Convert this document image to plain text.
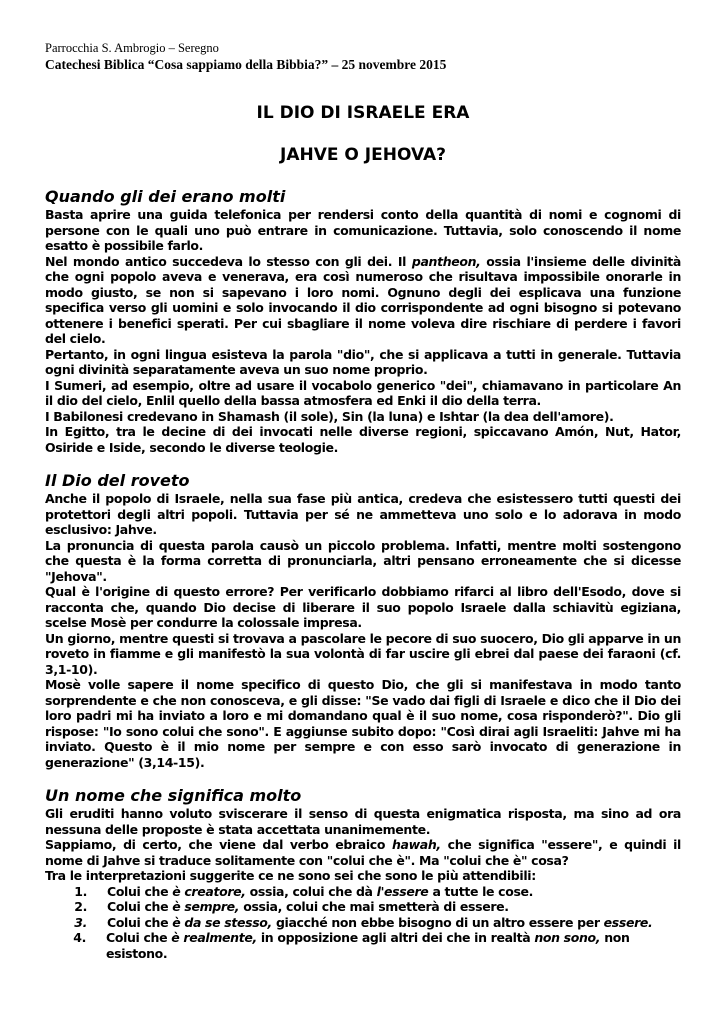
Parrocchia S. Ambrogio – Seregno
Catechesi Biblica “Cosa sappiamo della Bibbia?” – 25 novembre 2015
IL DIO DI ISRAELE ERA
JAHVE O JEHOVA?
Quando gli dei erano molti

Basta aprire una guida telefonica per rendersi conto della quantità di nomi e cognomi di persone con le quali uno può entrare in comunicazione. Tuttavia, solo conoscendo il nome esatto è possibile farlo.

Nel mondo antico succedeva lo stesso con gli dei. Il pantheon, ossia l'insieme delle divinità che ogni popolo aveva e venerava, era così numeroso che risultava impossibile onorarle in modo giusto, se non si sapevano i loro nomi. Ognuno degli dei esplicava una funzione specifica verso gli uomini e solo invocando il dio corrispondente ad ogni bisogno si potevano ottenere i benefici sperati. Per cui sbagliare il nome voleva dire rischiare di perdere i favori del cielo.

Pertanto, in ogni lingua esisteva la parola "dio", che si applicava a tutti in generale. Tuttavia ogni divinità separatamente aveva un suo nome proprio.

I Sumeri, ad esempio, oltre ad usare il vocabolo generico "dei", chiamavano in particolare An il dio del cielo, Enlil quello della bassa atmosfera ed Enki il dio della terra.

I Babilonesi credevano in Shamash (il sole), Sin (la luna) e Ishtar (la dea dell'amore).

In Egitto, tra le decine di dei invocati nelle diverse regioni, spiccavano Amón, Nut, Hator, Osiride e Iside, secondo le diverse teologie.

Il Dio del roveto

Anche il popolo di Israele, nella sua fase più antica, credeva che esistessero tutti questi dei protettori degli altri popoli. Tuttavia per sé ne ammetteva uno solo e lo adorava in modo esclusivo: Jahve.

La pronuncia di questa parola causò un piccolo problema. Infatti, mentre molti sostengono che questa è la forma corretta di pronunciarla, altri pensano erroneamente che si dicesse "Jehova".

Qual è l'origine di questo errore? Per verificarlo dobbiamo rifarci al libro dell'Esodo, dove si racconta che, quando Dio decise di liberare il suo popolo Israele dalla schiavitù egiziana, scelse Mosè per condurre la colossale impresa.

Un giorno, mentre questi si trovava a pascolare le pecore di suo suocero, Dio gli apparve in un roveto in fiamme e gli manifestò la sua volontà di far uscire gli ebrei dal paese dei faraoni (cf. 3,1-10).

Mosè volle sapere il nome specifico di questo Dio, che gli si manifestava in modo tanto sorprendente e che non conosceva, e gli disse: "Se vado dai figli di Israele e dico che il Dio dei loro padri mi ha inviato a loro e mi domandano qual è il suo nome, cosa risponderò?". Dio gli rispose: "Io sono colui che sono". E aggiunse subito dopo: "Così dirai agli Israeliti: Jahve mi ha inviato. Questo è il mio nome per sempre e con esso sarò invocato di generazione in generazione" (3,14-15).

Un nome che significa molto

Gli eruditi hanno voluto sviscerare il senso di questa enigmatica risposta, ma sino ad ora nessuna delle proposte è stata accettata unanimemente.

Sappiamo, di certo, che viene dal verbo ebraico hawah, che significa "essere", e quindi il nome di Jahve si traduce solitamente con "colui che è". Ma "colui che è" cosa?

Tra le interpretazioni suggerite ce ne sono sei che sono le più attendibili:

1.	Colui che è creatore, ossia, colui che dà l'essere a tutte le cose.
2.	Colui che è sempre, ossia, colui che mai smetterà di essere.
3.	Colui che è da se stesso, giacché non ebbe bisogno di un altro essere per essere.
4.	Colui che è realmente, in opposizione agli altri dei che in realtà non sono, non esistono.
